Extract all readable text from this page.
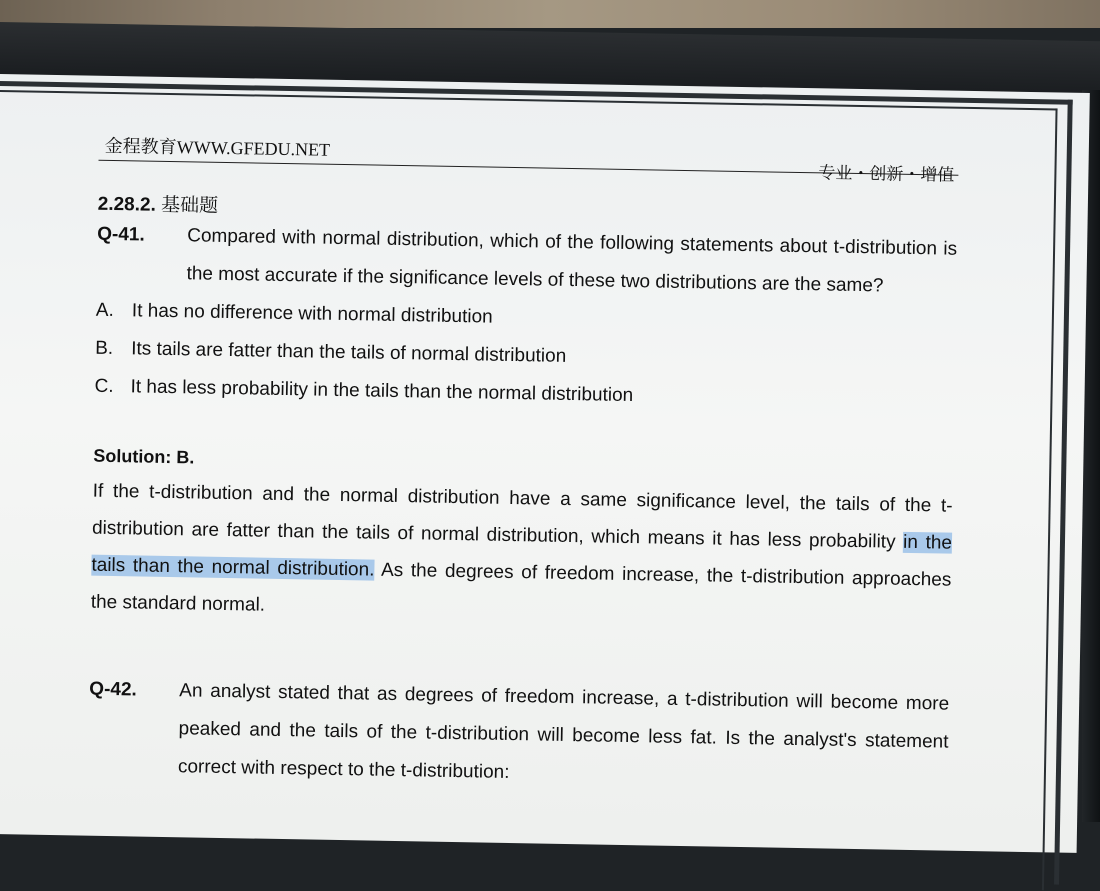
金程教育WWW.GFEDU.NET
专业・创新・增值
2.28.2. 基础题
Q-41.	Compared with normal distribution, which of the following statements about t-distribution is the most accurate if the significance levels of these two distributions are the same?
A. It has no difference with normal distribution
B. Its tails are fatter than the tails of normal distribution
C. It has less probability in the tails than the normal distribution
Solution: B.
If the t-distribution and the normal distribution have a same significance level, the tails of the t-distribution are fatter than the tails of normal distribution, which means it has less probability in the tails than the normal distribution. As the degrees of freedom increase, the t-distribution approaches the standard normal.
Q-42.	An analyst stated that as degrees of freedom increase, a t-distribution will become more peaked and the tails of the t-distribution will become less fat. Is the analyst's statement correct with respect to the t-distribution:
